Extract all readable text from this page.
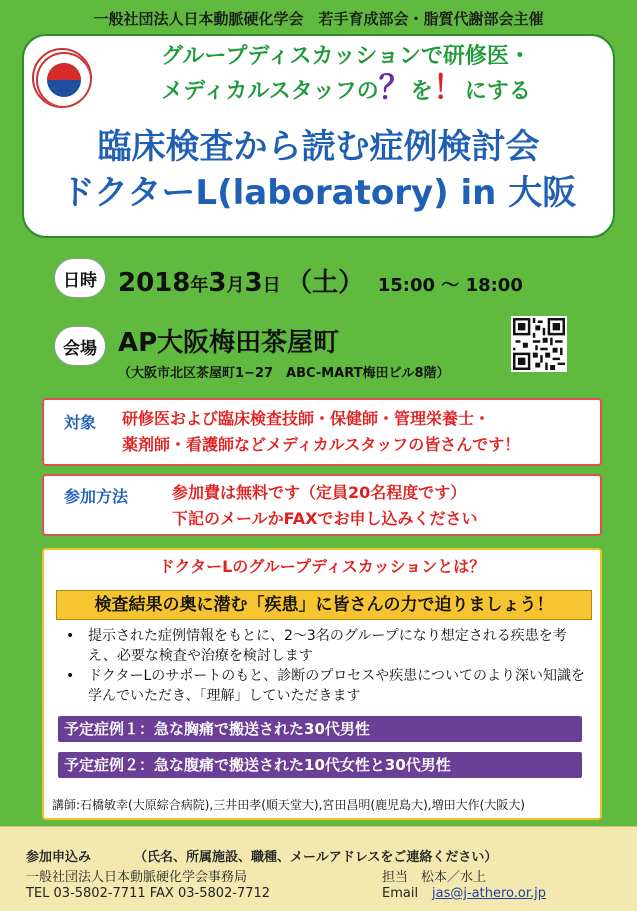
一般社団法人日本動脈硬化学会　若手育成部会・脂質代謝部会主催
グループディスカッションで研修医・
メディカルスタッフの？を！にする
臨床検査から読む症例検討会
ドクターL(laboratory) in 大阪
日時 2018年3月3日 （土） 15:00 〜 18:00
会場 AP大阪梅田茶屋町
（大阪市北区茶屋町1−27　ABC-MART梅田ビル8階）
対象 研修医および臨床検査技師・保健師・管理栄養士・
薬剤師・看護師などメディカルスタッフの皆さんです！
参加方法	参加費は無料です（定員20名程度です）
下記のメールかFAXでお申し込みください
ドクターLのグループディスカッションとは？
検査結果の奥に潜む「疾患」に皆さんの力で迫りましょう！
• 提示された症例情報をもとに、2〜3名のグループになり想定される疾患を考え、必要な検査や治療を検討します
• ドクターLのサポートのもと、診断のプロセスや疾患についてのより深い知識を学んでいただき、「理解」していただきます
予定症例１：急な胸痛で搬送された30代男性
予定症例２：急な腹痛で搬送された10代女性と30代男性
講師:石橋敏幸(大原綜合病院),三井田孝(順天堂大),宮田昌明(鹿児島大),増田大作(大阪大)
参加申込み	（氏名、所属施設、職種、メールアドレスをご連絡ください）
一般社団法人日本動脈硬化学会事務局	担当　松本／水上
TEL 03-5802-7711 FAX 03-5802-7712	Email jas@j-athero.or.jp
